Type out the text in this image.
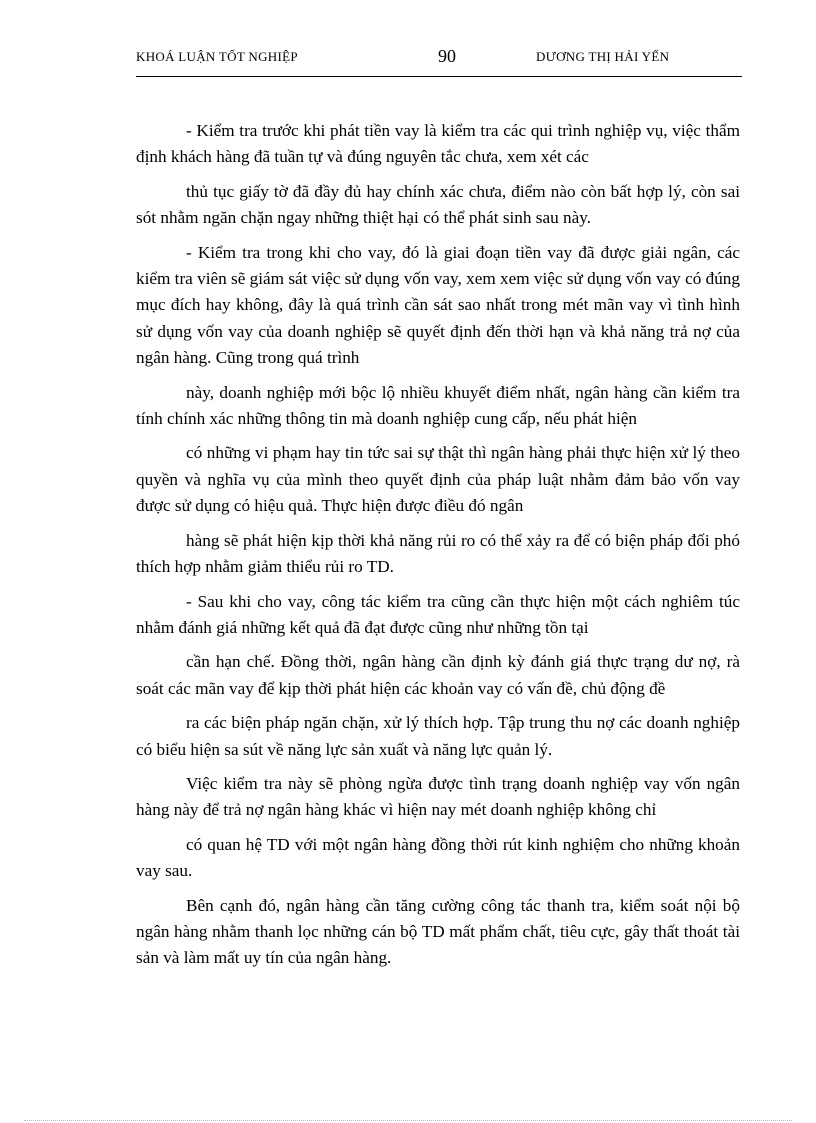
KHOÁ LUẬN TỐT NGHIỆP	90	DƯƠNG THỊ HẢI YẾN

- Kiểm tra trước khi phát tiền vay là kiểm tra các qui trình nghiệp vụ, việc thẩm định khách hàng đã tuần tự và đúng nguyên tắc chưa, xem xét các

thủ tục giấy tờ đã đầy đủ hay chính xác chưa, điểm nào còn bất hợp lý, còn sai sót nhằm ngăn chặn ngay những thiệt hại có thể phát sinh sau này.

- Kiểm tra trong khi cho vay, đó là giai đoạn tiền vay đã được giải ngân, các kiểm tra viên sẽ giám sát việc sử dụng vốn vay, xem xem việc sử dụng vốn vay có đúng mục đích hay không, đây là quá trình cần sát sao nhất trong mét mãn vay vì tình hình sử dụng vốn vay của doanh nghiệp sẽ quyết định đến thời hạn và khả năng trả nợ của ngân hàng. Cũng trong quá trình

này, doanh nghiệp mới bộc lộ nhiều khuyết điểm nhất, ngân hàng cần kiểm tra tính chính xác những thông tin mà doanh nghiệp cung cấp, nếu phát hiện

có những vi phạm hay tin tức sai sự thật thì ngân hàng phải thực hiện xử lý theo quyền và nghĩa vụ của mình theo quyết định của pháp luật nhằm đảm bảo vốn vay được sử dụng có hiệu quả. Thực hiện được điều đó ngân

hàng sẽ phát hiện kịp thời khả năng rủi ro có thể xảy ra để có biện pháp đối phó thích hợp nhằm giảm thiểu rủi ro TD.

- Sau khi cho vay, công tác kiểm tra cũng cần thực hiện một cách nghiêm túc nhằm đánh giá những kết quả đã đạt được cũng như những tồn tại

cần hạn chế. Đồng thời, ngân hàng cần định kỳ đánh giá thực trạng dư nợ, rà soát các mãn vay để kịp thời phát hiện các khoản vay có vấn đề, chủ động đề

ra các biện pháp ngăn chặn, xử lý thích hợp. Tập trung thu nợ các doanh nghiệp có biểu hiện sa sút về năng lực sản xuất và năng lực quản lý.

Việc kiểm tra này sẽ phòng ngừa được tình trạng doanh nghiệp vay vốn ngân hàng này để trả nợ ngân hàng khác vì hiện nay mét doanh nghiệp không chỉ

có quan hệ TD với một ngân hàng đồng thời rút kinh nghiệm cho những khoản vay sau.

Bên cạnh đó, ngân hàng cần tăng cường công tác thanh tra, kiểm soát nội bộ ngân hàng nhằm thanh lọc những cán bộ TD mất phẩm chất, tiêu cực, gây thất thoát tài sản và làm mất uy tín của ngân hàng.
